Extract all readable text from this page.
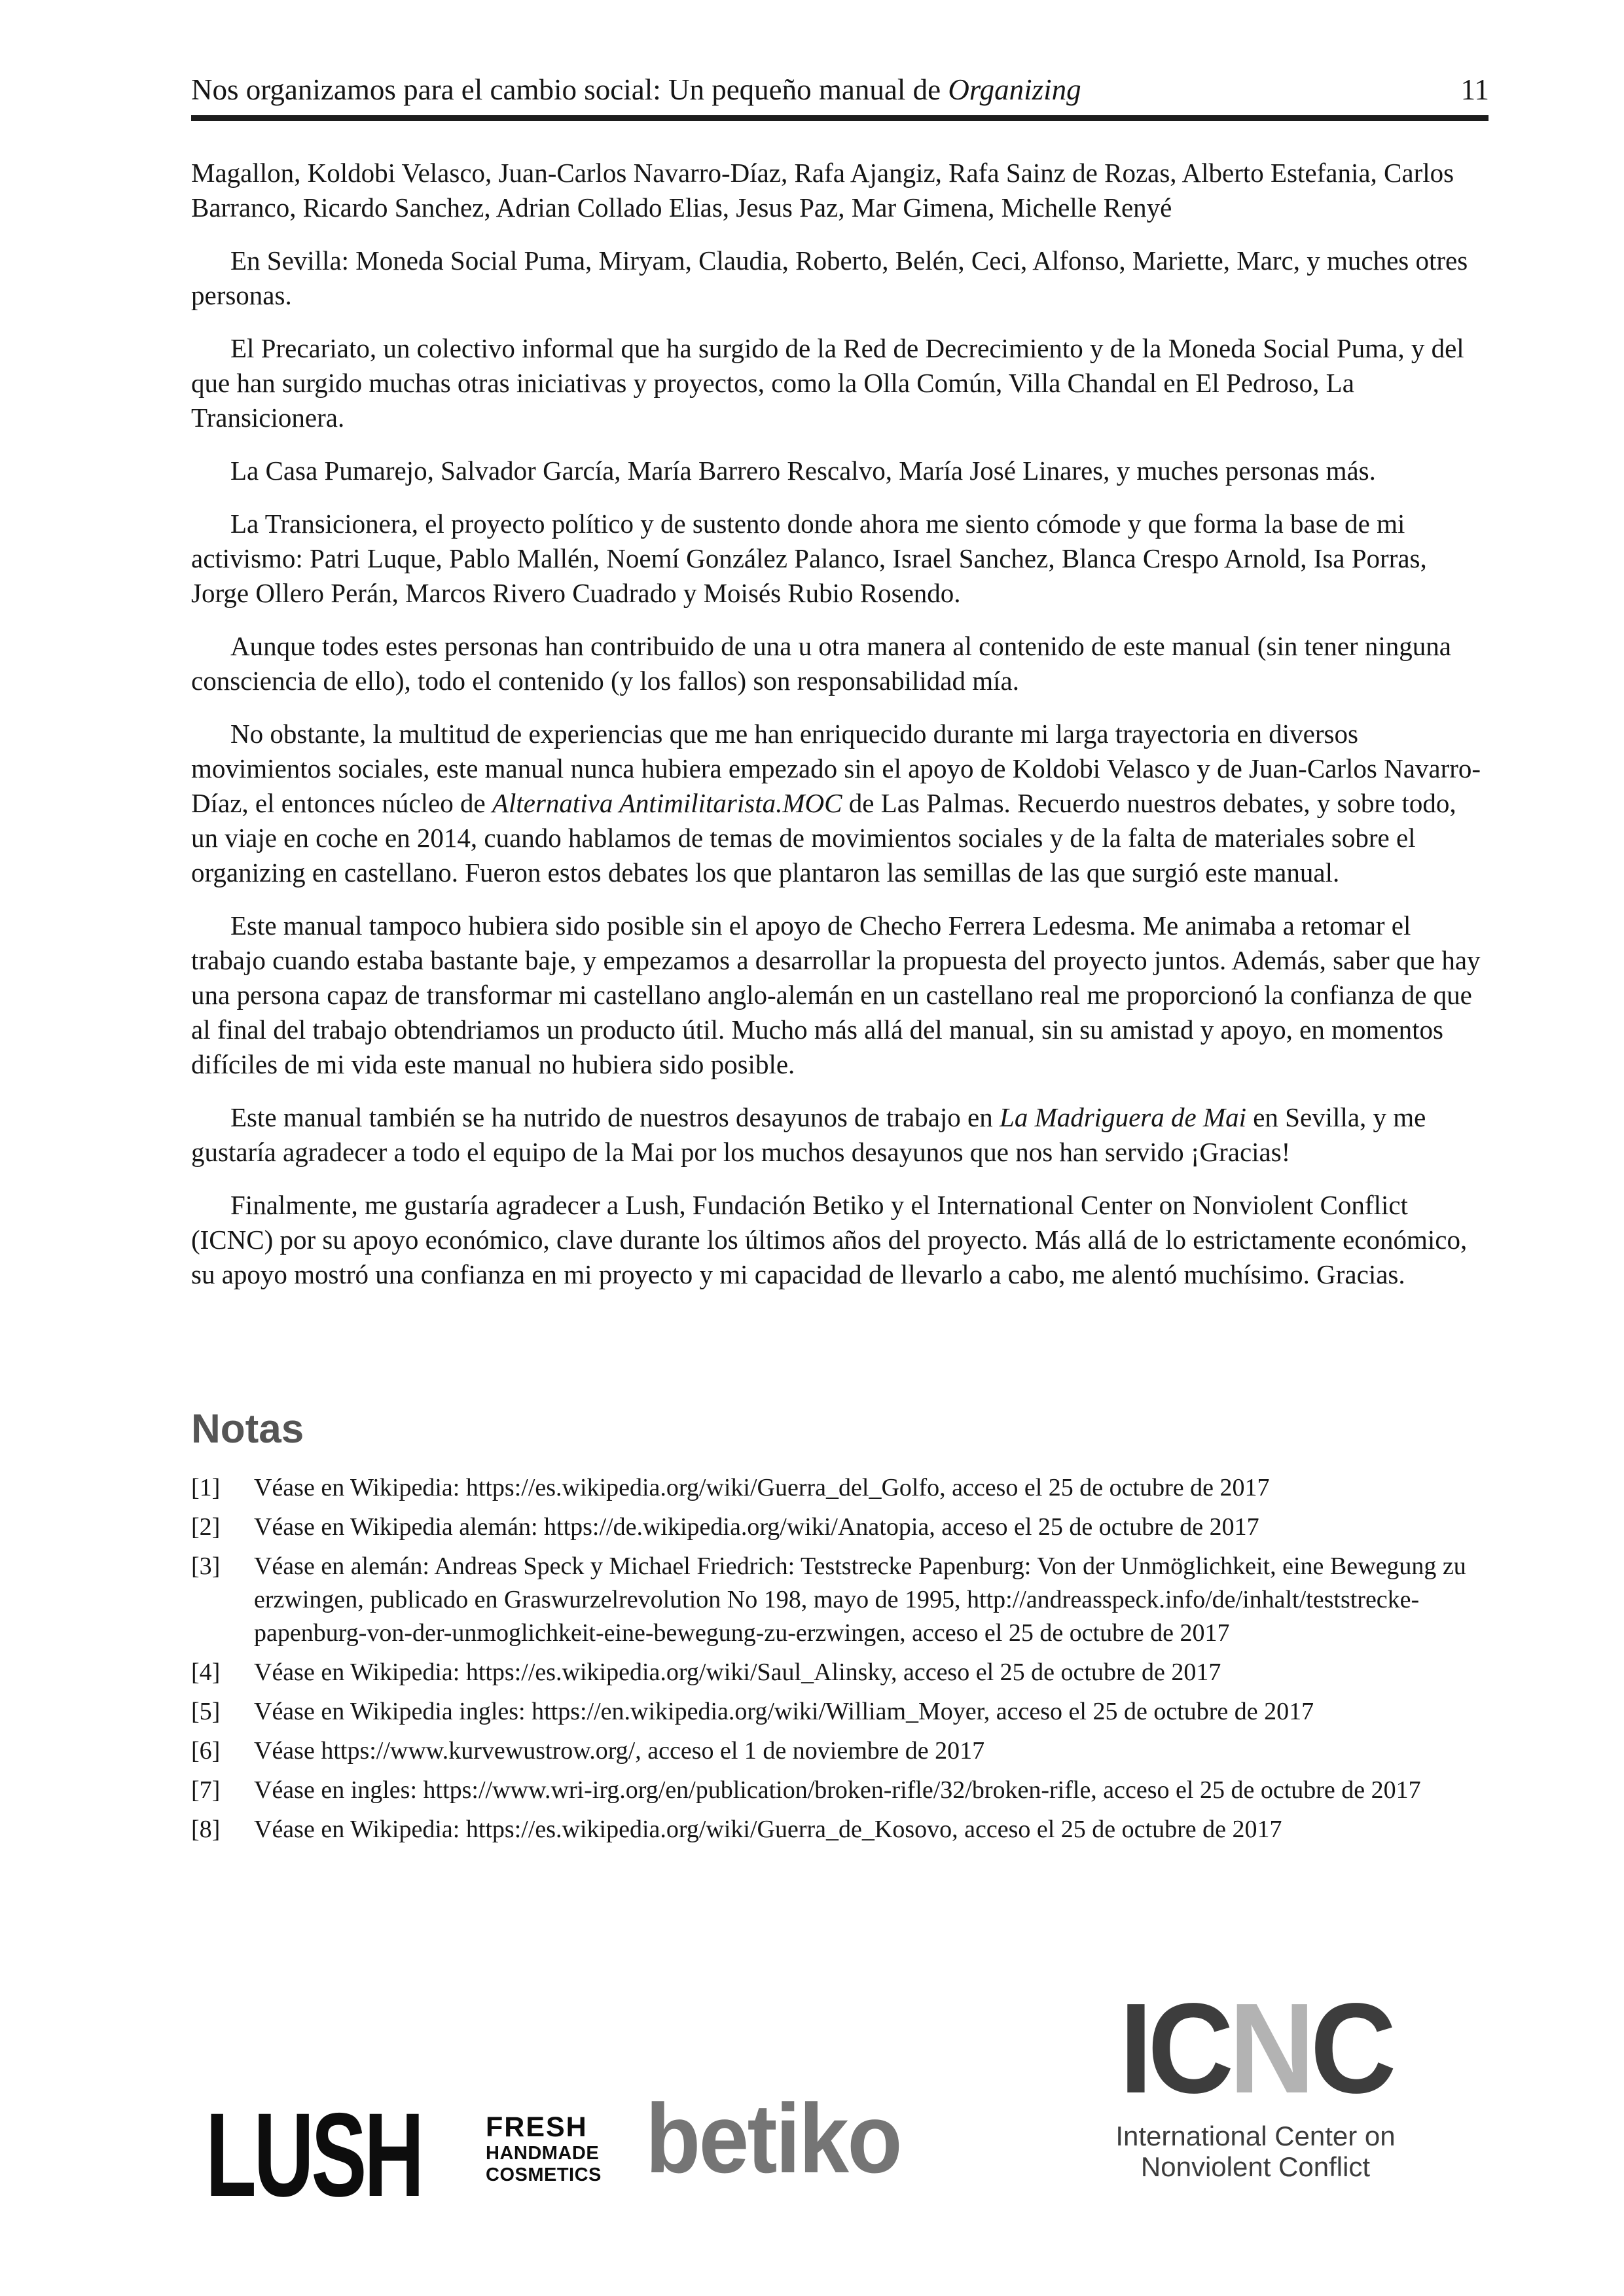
Nos organizamos para el cambio social: Un pequeño manual de Organizing	11

Magallon, Koldobi Velasco, Juan-Carlos Navarro-Díaz, Rafa Ajangiz, Rafa Sainz de Rozas, Alberto Estefania, Carlos Barranco, Ricardo Sanchez, Adrian Collado Elias, Jesus Paz, Mar Gimena, Michelle Renyé

En Sevilla: Moneda Social Puma, Miryam, Claudia, Roberto, Belén, Ceci, Alfonso, Mariette, Marc, y muches otres personas.

El Precariato, un colectivo informal que ha surgido de la Red de Decrecimiento y de la Moneda Social Puma, y del que han surgido muchas otras iniciativas y proyectos, como la Olla Común, Villa Chandal en El Pedroso, La Transicionera.

La Casa Pumarejo, Salvador García, María Barrero Rescalvo, María José Linares, y muches personas más.

La Transicionera, el proyecto político y de sustento donde ahora me siento cómode y que forma la base de mi activismo: Patri Luque, Pablo Mallén, Noemí González Palanco, Israel Sanchez, Blanca Crespo Arnold, Isa Porras, Jorge Ollero Perán, Marcos Rivero Cuadrado y Moisés Rubio Rosendo.

Aunque todes estes personas han contribuido de una u otra manera al contenido de este manual (sin tener ninguna consciencia de ello), todo el contenido (y los fallos) son responsabilidad mía.

No obstante, la multitud de experiencias que me han enriquecido durante mi larga trayectoria en diversos movimientos sociales, este manual nunca hubiera empezado sin el apoyo de Koldobi Velasco y de Juan-Carlos Navarro-Díaz, el entonces núcleo de Alternativa Antimilitarista.MOC de Las Palmas. Recuerdo nuestros debates, y sobre todo, un viaje en coche en 2014, cuando hablamos de temas de movimientos sociales y de la falta de materiales sobre el organizing en castellano. Fueron estos debates los que plantaron las semillas de las que surgió este manual.

Este manual tampoco hubiera sido posible sin el apoyo de Checho Ferrera Ledesma. Me animaba a retomar el trabajo cuando estaba bastante baje, y empezamos a desarrollar la propuesta del proyecto juntos. Además, saber que hay una persona capaz de transformar mi castellano anglo-alemán en un castellano real me proporcionó la confianza de que al final del trabajo obtendriamos un producto útil. Mucho más allá del manual, sin su amistad y apoyo, en momentos difíciles de mi vida este manual no hubiera sido posible.

Este manual también se ha nutrido de nuestros desayunos de trabajo en La Madriguera de Mai en Sevilla, y me gustaría agradecer a todo el equipo de la Mai por los muchos desayunos que nos han servido ¡Gracias!

Finalmente, me gustaría agradecer a Lush, Fundación Betiko y el International Center on Nonviolent Conflict (ICNC) por su apoyo económico, clave durante los últimos años del proyecto. Más allá de lo estrictamente económico, su apoyo mostró una confianza en mi proyecto y mi capacidad de llevarlo a cabo, me alentó muchísimo. Gracias.

Notas
[1] Véase en Wikipedia: https://es.wikipedia.org/wiki/Guerra_del_Golfo, acceso el 25 de octubre de 2017
[2] Véase en Wikipedia alemán: https://de.wikipedia.org/wiki/Anatopia, acceso el 25 de octubre de 2017
[3] Véase en alemán: Andreas Speck y Michael Friedrich: Teststrecke Papenburg: Von der Unmöglichkeit, eine Bewegung zu erzwingen, publicado en Graswurzelrevolution No 198, mayo de 1995, http://andreasspeck.info/de/inhalt/teststrecke-papenburg-von-der-unmoglichkeit-eine-bewegung-zu-erzwingen, acceso el 25 de octubre de 2017
[4] Véase en Wikipedia: https://es.wikipedia.org/wiki/Saul_Alinsky, acceso el 25 de octubre de 2017
[5] Véase en Wikipedia ingles: https://en.wikipedia.org/wiki/William_Moyer, acceso el 25 de octubre de 2017
[6] Véase https://www.kurvewustrow.org/, acceso el 1 de noviembre de 2017
[7] Véase en ingles: https://www.wri-irg.org/en/publication/broken-rifle/32/broken-rifle, acceso el 25 de octubre de 2017
[8] Véase en Wikipedia: https://es.wikipedia.org/wiki/Guerra_de_Kosovo, acceso el 25 de octubre de 2017
LUSH FRESH
HANDMADE
COSMETICS betiko
ICNC
International Center on
Nonviolent Conflict
